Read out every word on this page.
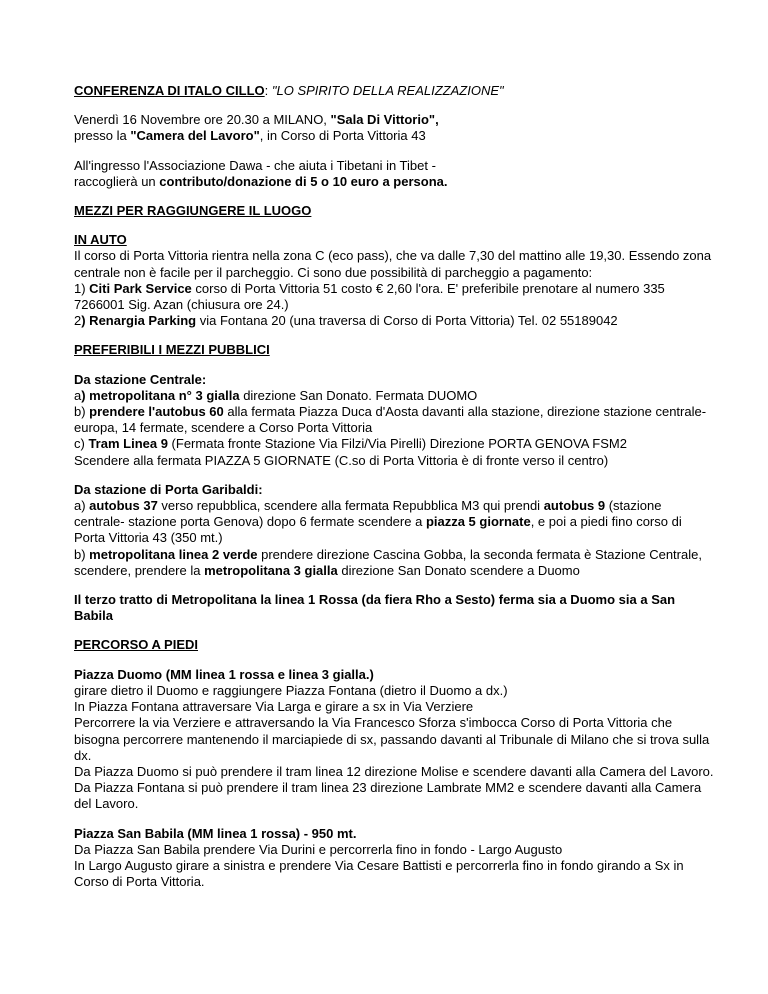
CONFERENZA DI ITALO CILLO: "LO SPIRITO DELLA REALIZZAZIONE"

Venerdì 16 Novembre ore 20.30 a MILANO, "Sala Di Vittorio",
presso la "Camera del Lavoro", in Corso di Porta Vittoria 43

All'ingresso l'Associazione Dawa - che aiuta i Tibetani in Tibet -
raccoglierà un contributo/donazione di 5 o 10 euro a persona.

MEZZI PER RAGGIUNGERE IL LUOGO

IN AUTO
Il corso di Porta Vittoria rientra nella zona C (eco pass), che va dalle 7,30 del mattino alle 19,30. Essendo zona centrale non è facile per il parcheggio. Ci sono due possibilità di parcheggio a pagamento:
1) Citi Park Service corso di Porta Vittoria 51 costo € 2,60 l'ora. E' preferibile prenotare al numero 335 7266001 Sig. Azan (chiusura ore 24.)
2) Renargia Parking via Fontana 20 (una traversa di Corso di Porta Vittoria) Tel. 02 55189042

PREFERIBILI I MEZZI PUBBLICI

Da stazione Centrale:
a) metropolitana n° 3 gialla direzione San Donato. Fermata DUOMO
b) prendere l'autobus 60 alla fermata Piazza Duca d'Aosta davanti alla stazione, direzione stazione centrale- europa, 14 fermate, scendere a Corso Porta Vittoria
c) Tram Linea 9 (Fermata fronte Stazione Via Filzi/Via Pirelli) Direzione PORTA GENOVA FSM2
Scendere alla fermata PIAZZA 5 GIORNATE (C.so di Porta Vittoria è di fronte verso il centro)

Da stazione di Porta Garibaldi:
a) autobus 37 verso repubblica, scendere alla fermata Repubblica M3 qui prendi autobus 9 (stazione centrale- stazione porta Genova) dopo 6 fermate scendere a piazza 5 giornate, e poi a piedi fino corso di Porta Vittoria 43 (350 mt.)
b) metropolitana linea 2 verde prendere direzione Cascina Gobba, la seconda fermata è Stazione Centrale, scendere, prendere la metropolitana 3 gialla direzione San Donato scendere a Duomo

Il terzo tratto di Metropolitana la linea 1 Rossa (da fiera Rho a Sesto) ferma sia a Duomo sia a San Babila

PERCORSO A PIEDI

Piazza Duomo (MM linea 1 rossa e linea 3 gialla.)
girare dietro il Duomo e raggiungere Piazza Fontana (dietro il Duomo a dx.)
In Piazza Fontana attraversare Via Larga e girare a sx in Via Verziere
Percorrere la via Verziere e attraversando la Via Francesco Sforza s'imbocca Corso di Porta Vittoria che bisogna percorrere mantenendo il marciapiede di sx, passando davanti al Tribunale di Milano che si trova sulla dx.
Da Piazza Duomo si può prendere il tram linea 12 direzione Molise e scendere davanti alla Camera del Lavoro.
Da Piazza Fontana si può prendere il tram linea 23 direzione Lambrate MM2 e scendere davanti alla Camera del Lavoro.

Piazza San Babila (MM linea 1 rossa) - 950 mt.
Da Piazza San Babila prendere Via Durini e percorrerla fino in fondo - Largo Augusto
In Largo Augusto girare a sinistra e prendere Via Cesare Battisti e percorrerla fino in fondo girando a Sx in Corso di Porta Vittoria.
